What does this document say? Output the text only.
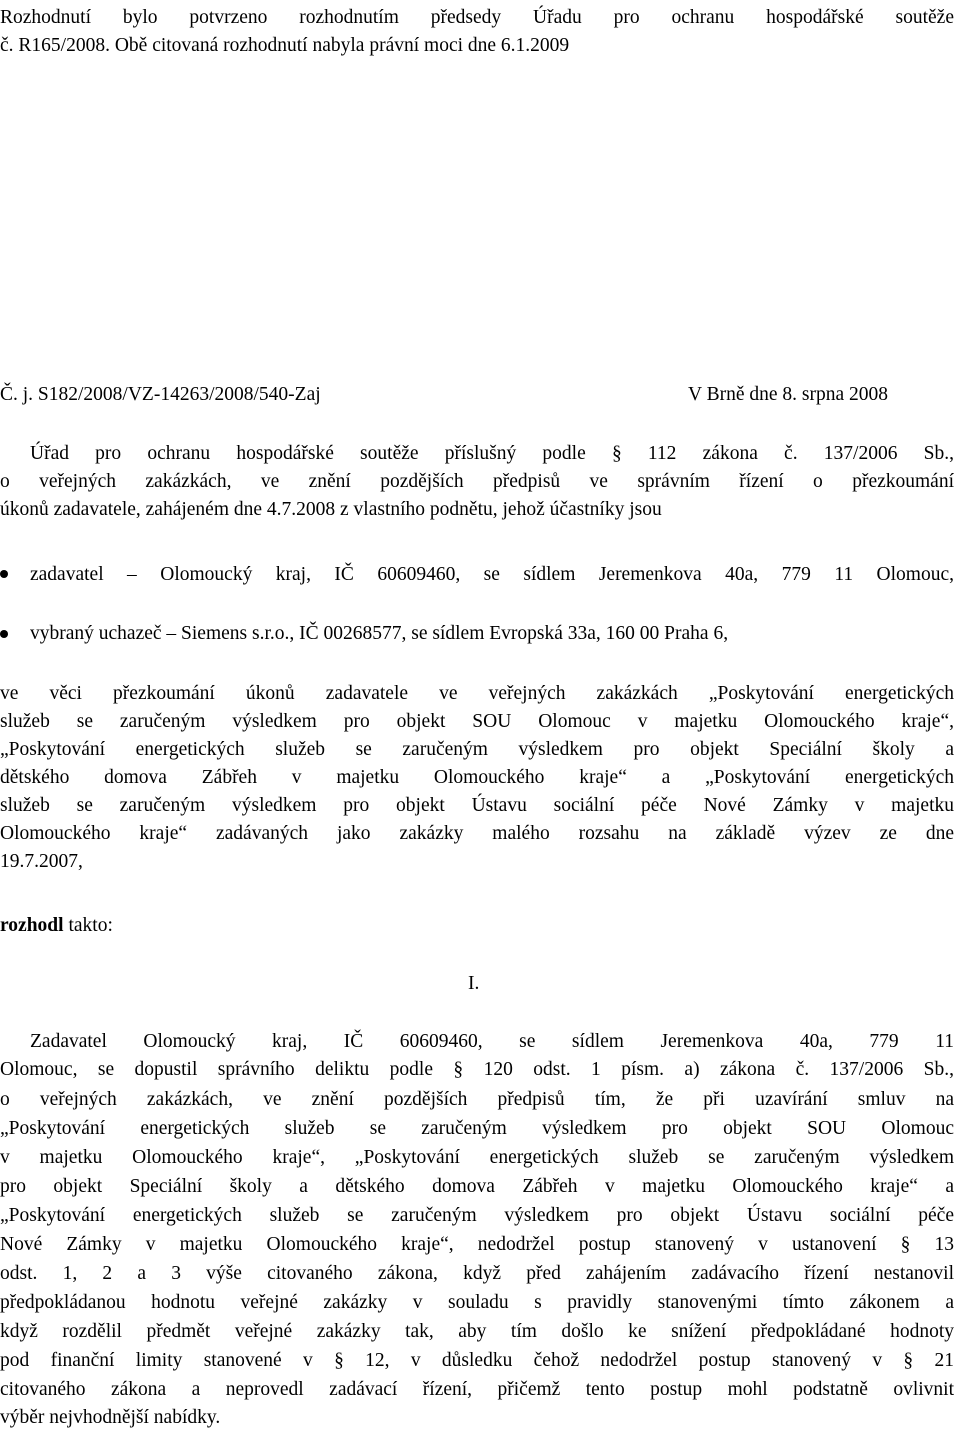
Rozhodnutí bylo potvrzeno rozhodnutím předsedy Úřadu pro ochranu hospodářské soutěže
č. R165/2008. Obě citovaná rozhodnutí nabyla právní moci dne 6.1.2009
Č. j. S182/2008/VZ-14263/2008/540-Zaj	V Brně dne 8. srpna 2008
Úřad pro ochranu hospodářské soutěže příslušný podle § 112 zákona č. 137/2006 Sb.,
o veřejných zakázkách, ve znění pozdějších předpisů ve správním řízení o přezkoumání
úkonů zadavatele, zahájeném dne 4.7.2008 z vlastního podnětu, jehož účastníky jsou
zadavatel – Olomoucký kraj, IČ 60609460, se sídlem Jeremenkova 40a, 779 11 Olomouc,
vybraný uchazeč – Siemens s.r.o., IČ 00268577, se sídlem Evropská 33a, 160 00 Praha 6,
ve věci přezkoumání úkonů zadavatele ve veřejných zakázkách „Poskytování energetických
služeb se zaručeným výsledkem pro objekt SOU Olomouc v majetku Olomouckého kraje“,
„Poskytování energetických služeb se zaručeným výsledkem pro objekt Speciální školy a
dětského domova Zábřeh v majetku Olomouckého kraje“ a „Poskytování energetických
služeb se zaručeným výsledkem pro objekt Ústavu sociální péče Nové Zámky v majetku
Olomouckého kraje“ zadávaných jako zakázky malého rozsahu na základě výzev ze dne
19.7.2007,
rozhodl takto:
I.
Zadavatel Olomoucký kraj, IČ 60609460, se sídlem Jeremenkova 40a, 779 11
Olomouc, se dopustil správního deliktu podle § 120 odst. 1 písm. a) zákona č. 137/2006 Sb.,
o veřejných zakázkách, ve znění pozdějších předpisů tím, že při uzavírání smluv na
„Poskytování energetických služeb se zaručeným výsledkem pro objekt SOU Olomouc
v majetku Olomouckého kraje“, „Poskytování energetických služeb se zaručeným výsledkem
pro objekt Speciální školy a dětského domova Zábřeh v majetku Olomouckého kraje“ a
„Poskytování energetických služeb se zaručeným výsledkem pro objekt Ústavu sociální péče
Nové Zámky v majetku Olomouckého kraje“, nedodržel postup stanovený v ustanovení § 13
odst. 1, 2 a 3 výše citovaného zákona, když před zahájením zadávacího řízení nestanovil
předpokládanou hodnotu veřejné zakázky v souladu s pravidly stanovenými tímto zákonem a
když rozdělil předmět veřejné zakázky tak, aby tím došlo ke snížení předpokládané hodnoty
pod finanční limity stanovené v § 12, v důsledku čehož nedodržel postup stanovený v § 21
citovaného zákona a neprovedl zadávací řízení, přičemž tento postup mohl podstatně ovlivnit
výběr nejvhodnější nabídky.
